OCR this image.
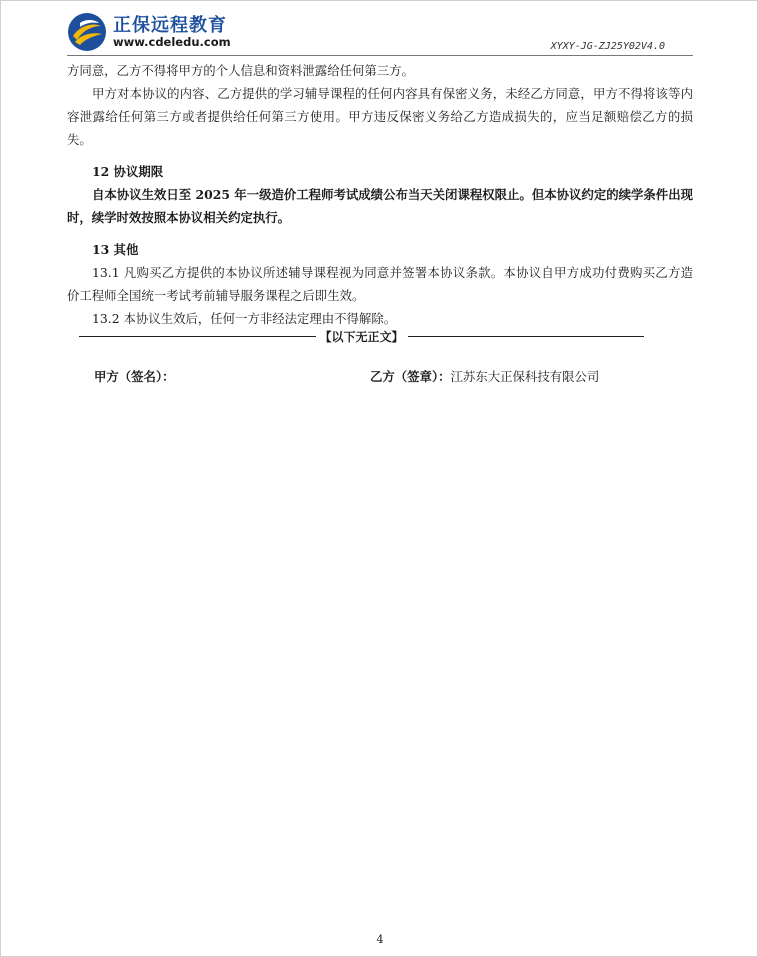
正保远程教育
www.cdeledu.com	XYXY-JG-ZJ25Y02V4.0

方同意，乙方不得将甲方的个人信息和资料泄露给任何第三方。

甲方对本协议的内容、乙方提供的学习辅导课程的任何内容具有保密义务，未经乙方同意，甲方不得将该等内容泄露给任何第三方或者提供给任何第三方使用。甲方违反保密义务给乙方造成损失的，应当足额赔偿乙方的损失。

12 协议期限

自本协议生效日至 2025 年一级造价工程师考试成绩公布当天关闭课程权限止。但本协议约定的续学条件出现时，续学时效按照本协议相关约定执行。

13 其他

13.1 凡购买乙方提供的本协议所述辅导课程视为同意并签署本协议条款。本协议自甲方成功付费购买乙方造价工程师全国统一考试考前辅导服务课程之后即生效。

13.2 本协议生效后，任何一方非经法定理由不得解除。

【以下无正文】
甲方（签名）：	乙方（签章）：江苏东大正保科技有限公司
4
